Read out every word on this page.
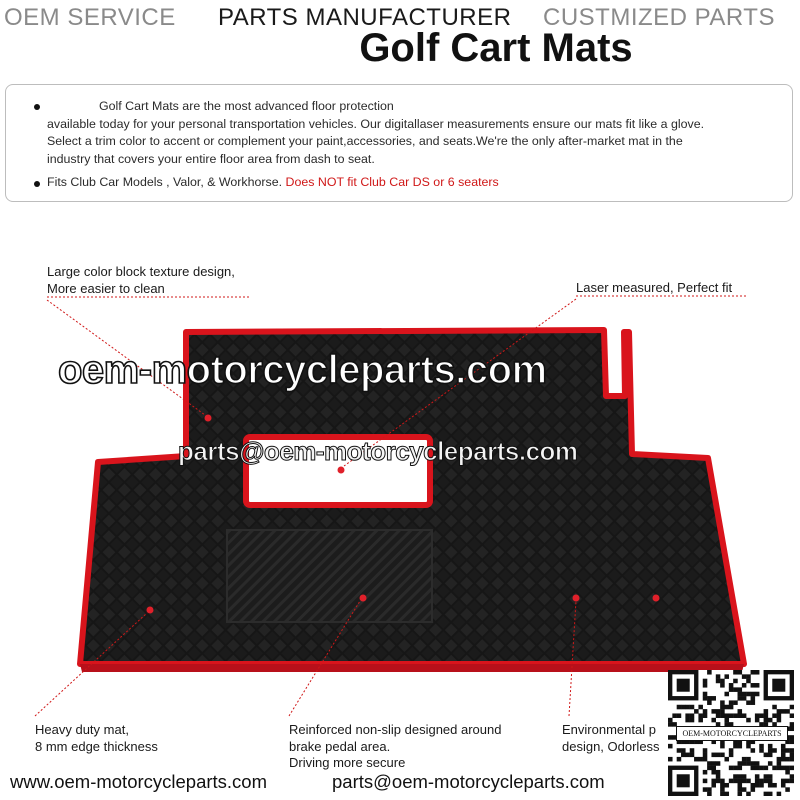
OEM SERVICE PARTS MANUFACTURER CUSTMIZED PARTS
Golf Cart Mats
Golf Cart Mats are the most advanced floor protection
available today for your personal transportation vehicles. Our digitallaser measurements ensure our mats fit like a glove.
Select a trim color to accent or complement your paint,accessories, and seats.We're the only after-market mat in the
industry that covers your entire floor area from dash to seat.
Fits Club Car Models , Valor, & Workhorse. Does NOT fit Club Car DS or 6 seaters
Large color block texture design,
More easier to clean	Laser measured, Perfect fit
Heavy duty mat,
8 mm edge thickness
Reinforced non-slip designed around
brake pedal area.
Driving more secure
Environmental p
design, Odorless
oem-motorcycleparts.com
parts@oem-motorcycleparts.com
www.oem-motorcycleparts.com	parts@oem-motorcycleparts.com
OEM-MOTORCYCLEPARTS
